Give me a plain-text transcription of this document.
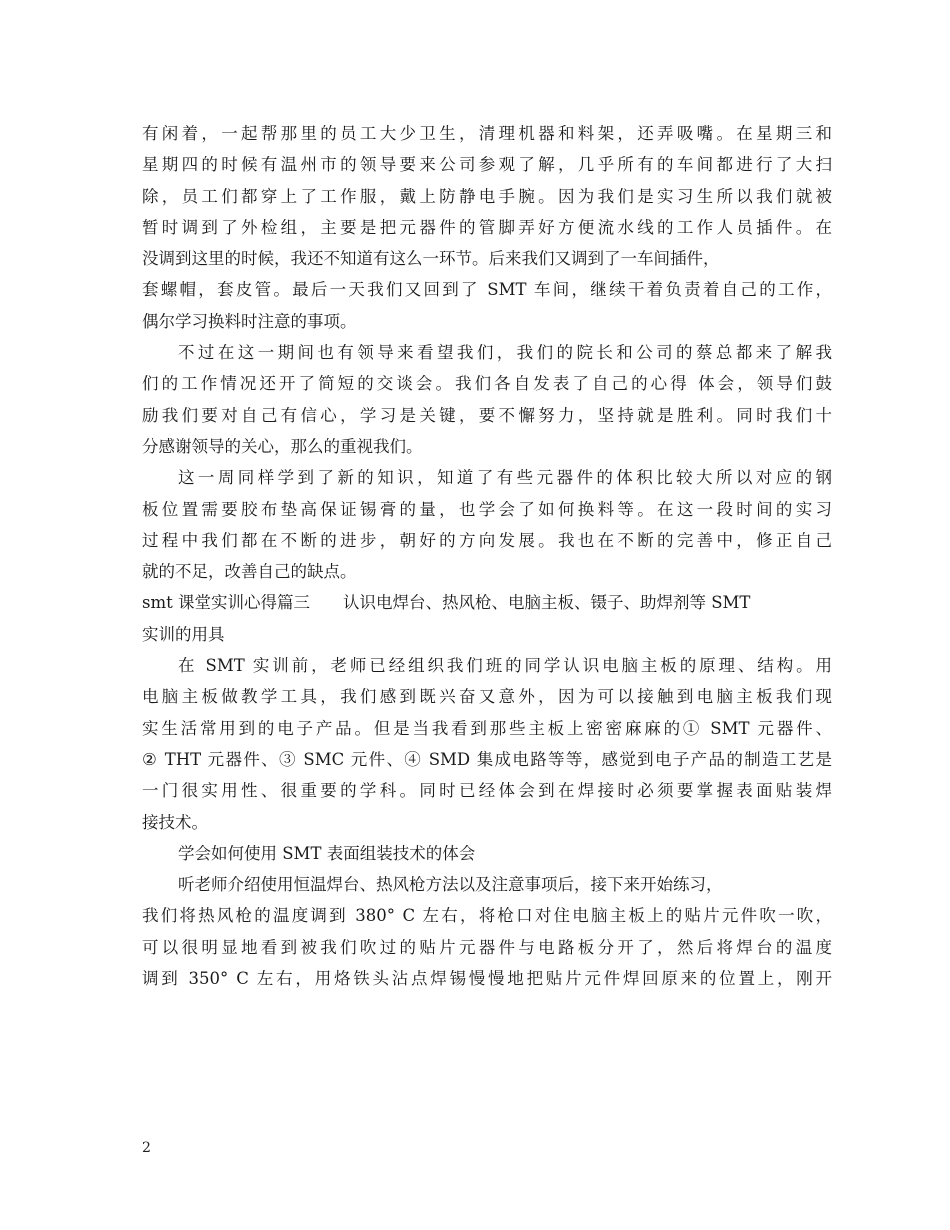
有闲着，一起帮那里的员工大少卫生，清理机器和料架，还弄吸嘴。在星期三和
星期四的时候有温州市的领导要来公司参观了解，几乎所有的车间都进行了大扫
除，员工们都穿上了工作服，戴上防静电手腕。因为我们是实习生所以我们就被
暂时调到了外检组，主要是把元器件的管脚弄好方便流水线的工作人员插件。在
没调到这里的时候，我还不知道有这么一环节。后来我们又调到了一车间插件，
套螺帽，套皮管。最后一天我们又回到了 SMT 车间，继续干着负责着自己的工作，
偶尔学习换料时注意的事项。
不过在这一期间也有领导来看望我们，我们的院长和公司的蔡总都来了解我
们的工作情况还开了简短的交谈会。我们各自发表了自己的心得 体会，领导们鼓
励我们要对自己有信心，学习是关键，要不懈努力，坚持就是胜利。同时我们十
分感谢领导的关心，那么的重视我们。
这一周同样学到了新的知识，知道了有些元器件的体积比较大所以对应的钢
板位置需要胶布垫高保证锡膏的量，也学会了如何换料等。在这一段时间的实习
过程中我们都在不断的进步，朝好的方向发展。我也在不断的完善中，修正自己
就的不足，改善自己的缺点。
smt 课堂实训心得篇三　　认识电焊台、热风枪、电脑主板、镊子、助焊剂等 SMT
实训的用具
在 SMT 实训前，老师已经组织我们班的同学认识电脑主板的原理、结构。用
电脑主板做教学工具，我们感到既兴奋又意外，因为可以接触到电脑主板我们现
实生活常用到的电子产品。但是当我看到那些主板上密密麻麻的① SMT 元器件、
② THT 元器件、③ SMC 元件、④ SMD 集成电路等等，感觉到电子产品的制造工艺是
一门很实用性、很重要的学科。同时已经体会到在焊接时必须要掌握表面贴装焊
接技术。
学会如何使用 SMT 表面组装技术的体会
听老师介绍使用恒温焊台、热风枪方法以及注意事项后，接下来开始练习，
我们将热风枪的温度调到 380° C 左右，将枪口对住电脑主板上的贴片元件吹一吹，
可以很明显地看到被我们吹过的贴片元器件与电路板分开了，然后将焊台的温度
调到 350° C 左右，用烙铁头沾点焊锡慢慢地把贴片元件焊回原来的位置上，刚开
2
